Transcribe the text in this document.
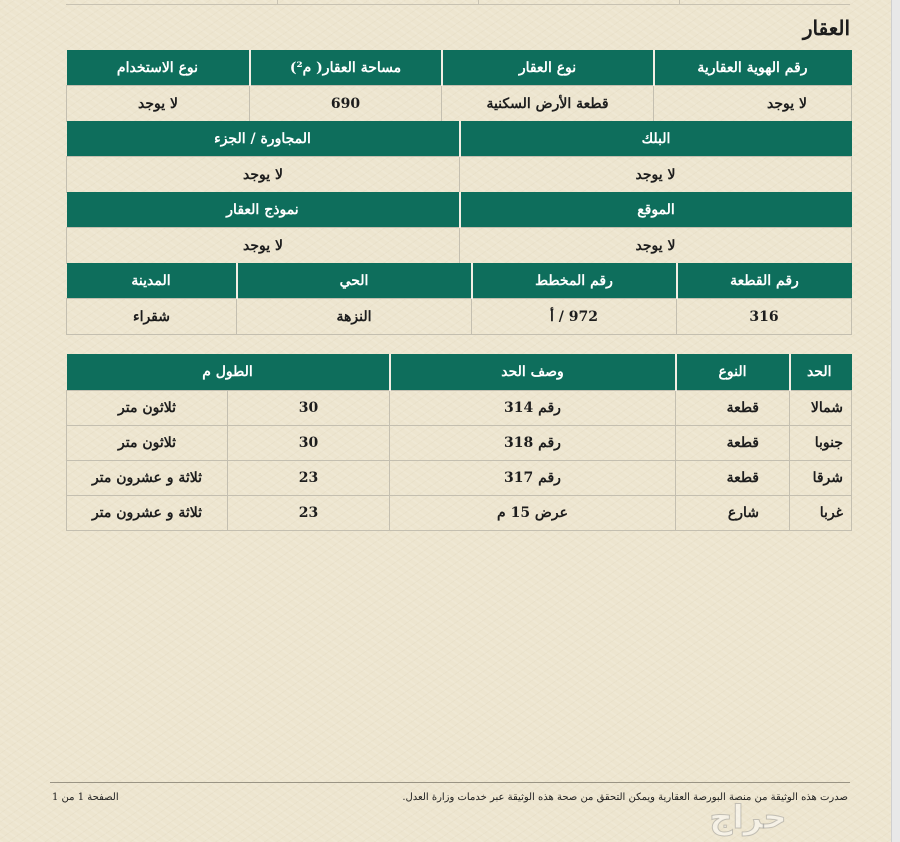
العقار
رقم الهوية العقارية	نوع العقار	مساحة العقار( م²)	نوع الاستخدام
لا يوجد	قطعة الأرض السكنية	690	لا يوجد
البلك	المجاورة / الجزء
لا يوجد	لا يوجد
الموقع	نموذج العقار
لا يوجد	لا يوجد
رقم القطعة	رقم المخطط	الحي	المدينة
316	972 / أ	النزهة	شقراء
الحد	النوع	وصف الحد	الطول م	
شمالا	قطعة	رقم 314	30	ثلاثون متر
جنوبا	قطعة	رقم 318	30	ثلاثون متر
شرقا	قطعة	رقم 317	23	ثلاثة و عشرون متر
غربا	شارع	عرض 15 م	23	ثلاثة و عشرون متر
صدرت هذه الوثيقة من منصة البورصة العقارية ويمكن التحقق من صحة هذه الوثيقة عبر خدمات وزارة العدل.
الصفحة 1 من 1
حراج
